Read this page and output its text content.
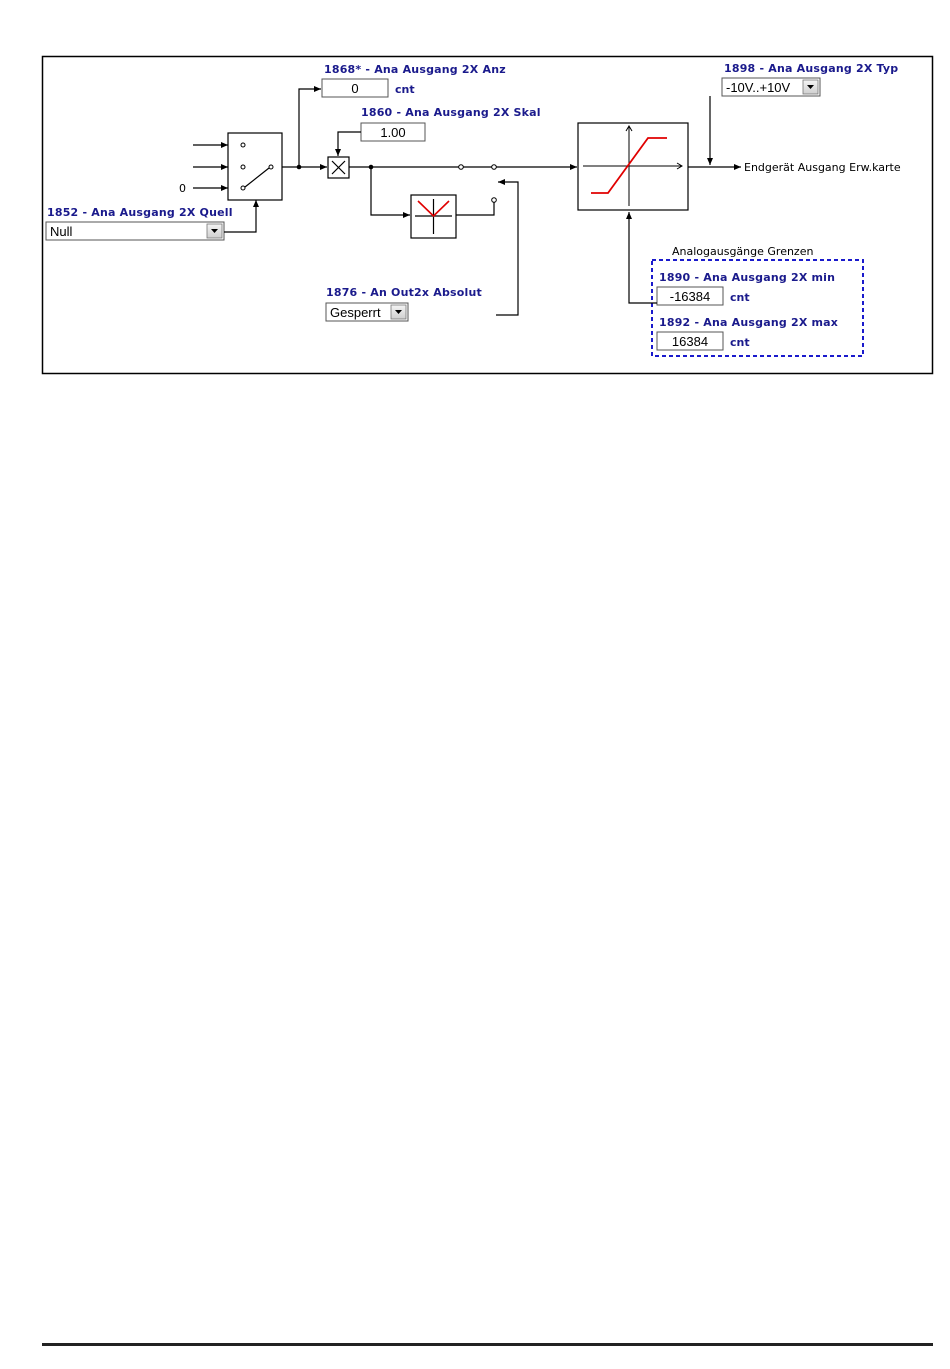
0
1852 - Ana Ausgang 2X Quell
Null
1868* - Ana Ausgang 2X Anz
0	cnt
1860 - Ana Ausgang 2X Skal
1.00
1876 - An Out2x Absolut
Gesperrt
Endgerät Ausgang Erw.karte
1898 - Ana Ausgang 2X Typ
-10V..+10V
Analogausgänge Grenzen
1890 - Ana Ausgang 2X min
-16384 cnt
1892 - Ana Ausgang 2X max
16384 cnt
